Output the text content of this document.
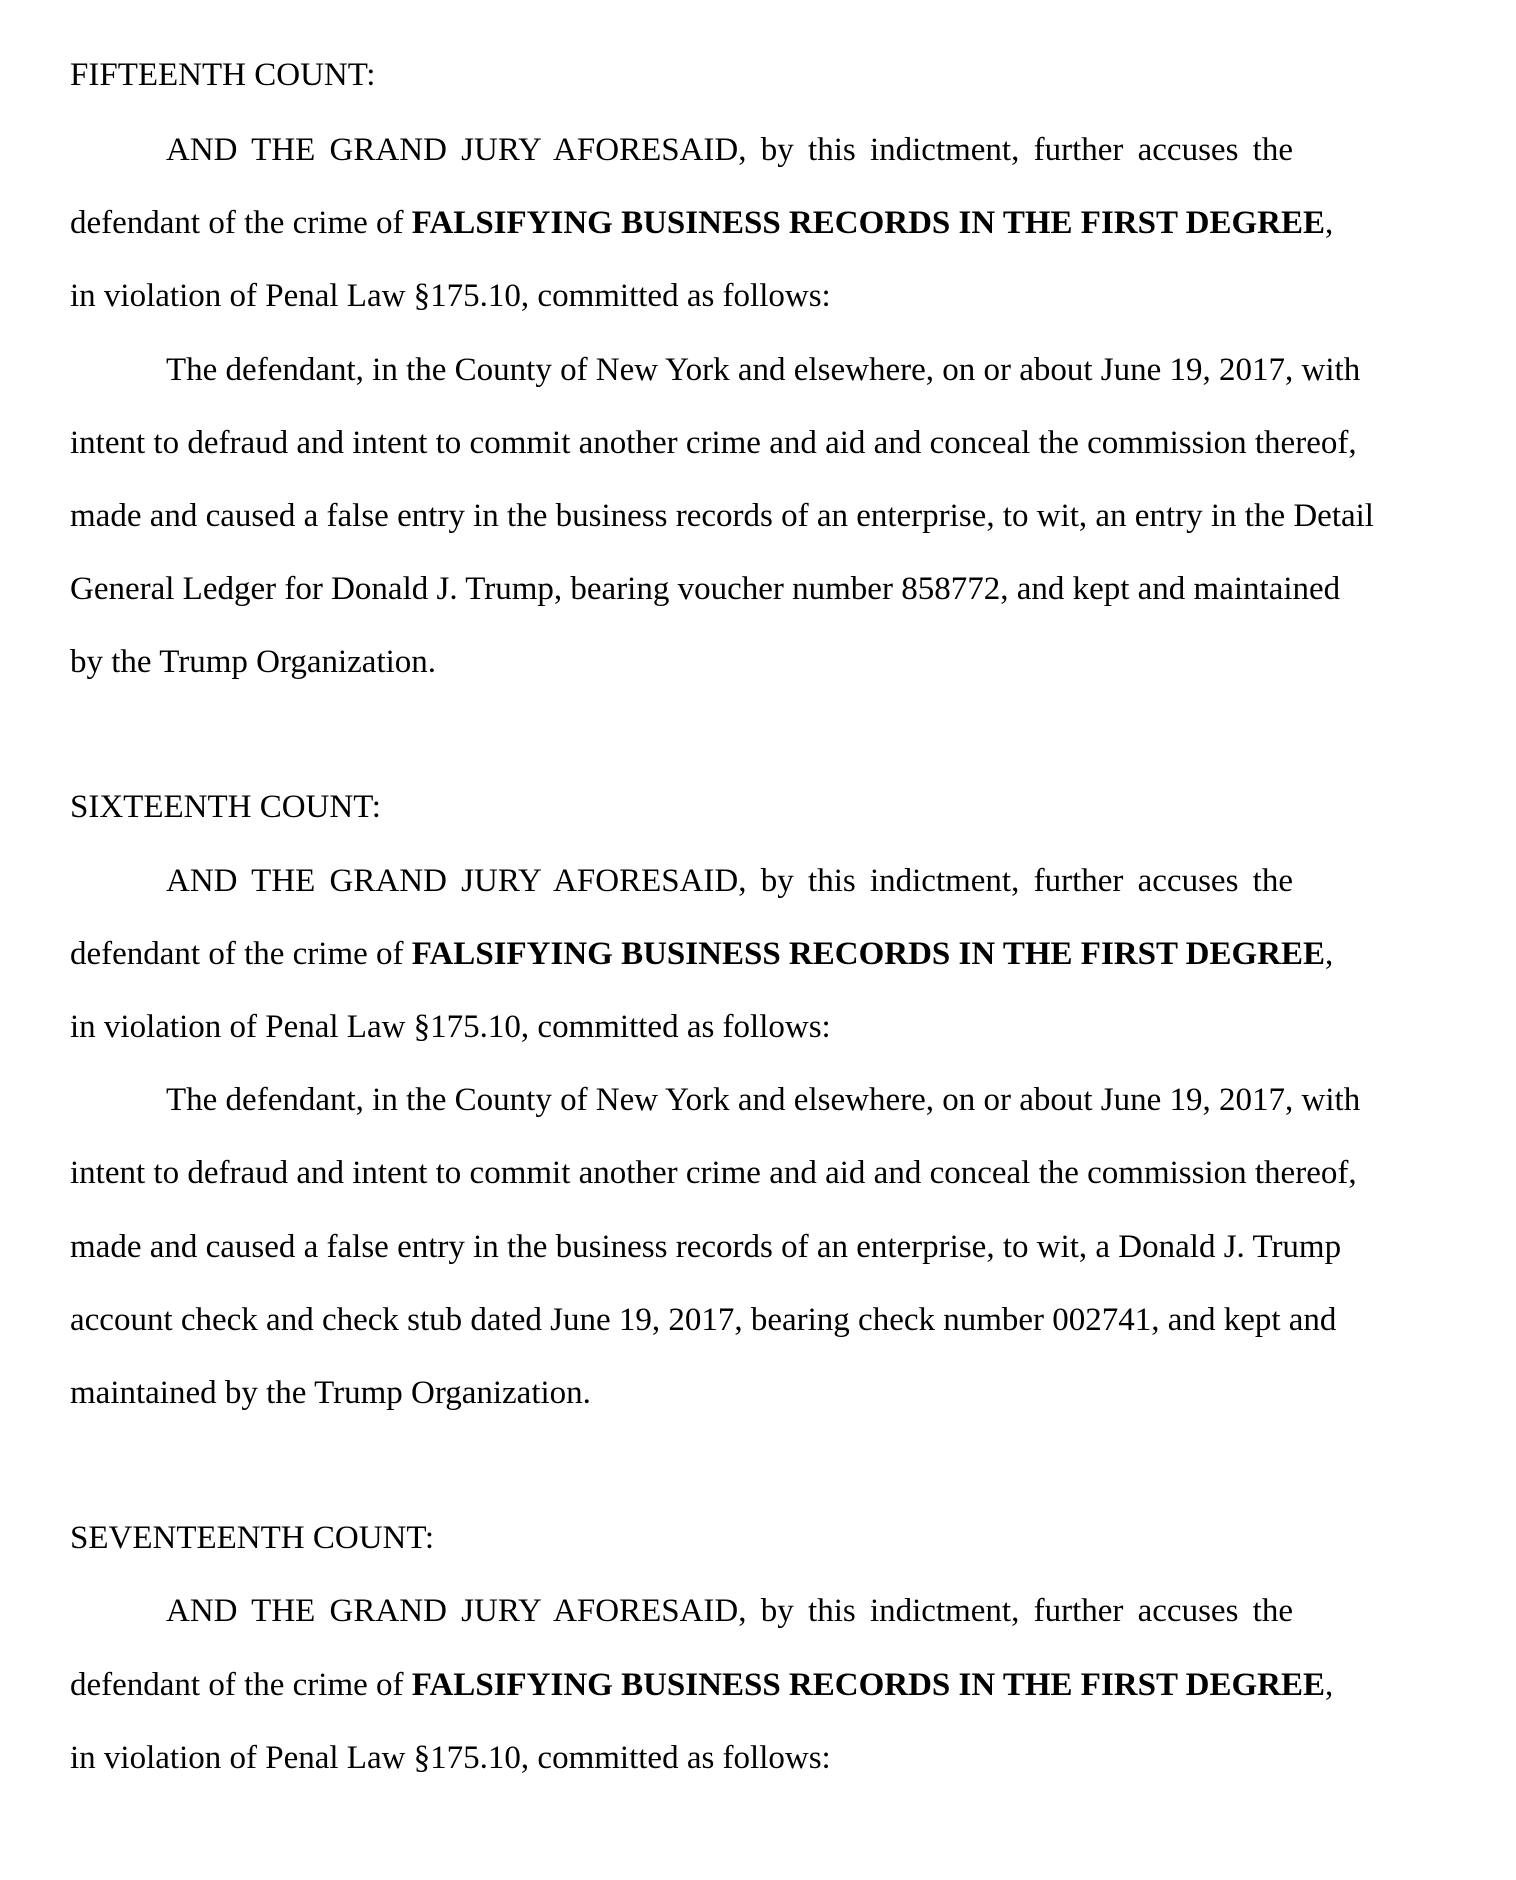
FIFTEENTH COUNT:
AND THE GRAND JURY AFORESAID, by this indictment, further accuses the
defendant of the crime of FALSIFYING BUSINESS RECORDS IN THE FIRST DEGREE,
in violation of Penal Law §175.10, committed as follows:
The defendant, in the County of New York and elsewhere, on or about June 19, 2017, with
intent to defraud and intent to commit another crime and aid and conceal the commission thereof,
made and caused a false entry in the business records of an enterprise, to wit, an entry in the Detail
General Ledger for Donald J. Trump, bearing voucher number 858772, and kept and maintained
by the Trump Organization.
SIXTEENTH COUNT:
AND THE GRAND JURY AFORESAID, by this indictment, further accuses the
defendant of the crime of FALSIFYING BUSINESS RECORDS IN THE FIRST DEGREE,
in violation of Penal Law §175.10, committed as follows:
The defendant, in the County of New York and elsewhere, on or about June 19, 2017, with
intent to defraud and intent to commit another crime and aid and conceal the commission thereof,
made and caused a false entry in the business records of an enterprise, to wit, a Donald J. Trump
account check and check stub dated June 19, 2017, bearing check number 002741, and kept and
maintained by the Trump Organization.
SEVENTEENTH COUNT:
AND THE GRAND JURY AFORESAID, by this indictment, further accuses the
defendant of the crime of FALSIFYING BUSINESS RECORDS IN THE FIRST DEGREE,
in violation of Penal Law §175.10, committed as follows:
